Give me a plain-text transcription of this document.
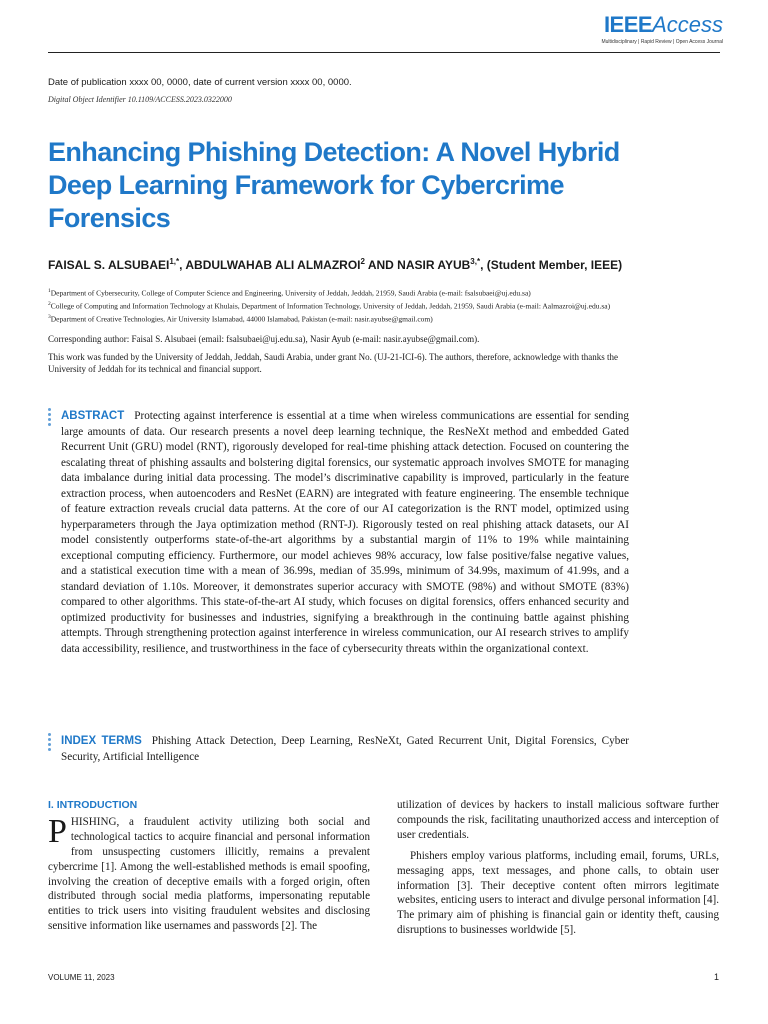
IEEEAccess
Multidisciplinary | Rapid Review | Open Access Journal
Date of publication xxxx 00, 0000, date of current version xxxx 00, 0000.
Digital Object Identifier 10.1109/ACCESS.2023.0322000
Enhancing Phishing Detection: A Novel Hybrid Deep Learning Framework for Cybercrime Forensics
FAISAL S. $ALSUBAEI^{1,*}$, ABDULWAHAB ALI ALMAZROI$^2$ AND NASIR $AYUB^{3,*}$, (Student Member, IEEE)
$^1$Department of Cybersecurity, College of Computer Science and Engineering, University of Jeddah, Jeddah, 21959, Saudi Arabia (e-mail: fsalsubaei@uj.edu.sa)
$^2$College of Computing and Information Technology at Khulais, Department of Information Technology, University of Jeddah, Jeddah, 21959, Saudi Arabia (e-mail: Aalmazroi@uj.edu.sa)
$^3$Department of Creative Technologies, Air University Islamabad, 44000 Islamabad, Pakistan (e-mail: nasir.ayubse@gmail.com)
Corresponding author: Faisal S. Alsubaei (email: fsalsubaei@uj.edu.sa), Nasir Ayub (e-mail: nasir.ayubse@gmail.com).
This work was funded by the University of Jeddah, Jeddah, Saudi Arabia, under grant No. (UJ-21-ICI-6). The authors, therefore, acknowledge with thanks the University of Jeddah for its technical and financial support.
ABSTRACT Protecting against interference is essential at a time when wireless communications are essential for sending large amounts of data. Our research presents a novel deep learning technique, the ResNeXt method and embedded Gated Recurrent Unit (GRU) model (RNT), rigorously developed for real-time phishing attack detection. Focused on countering the escalating threat of phishing assaults and bolstering digital forensics, our systematic approach involves SMOTE for managing data imbalance during initial data processing. The model’s discriminative capability is improved, particularly in the feature extraction process, when autoencoders and ResNet (EARN) are integrated with feature engineering. The ensemble technique of feature extraction reveals crucial data patterns. At the core of our AI categorization is the RNT model, optimized using hyperparameters through the Jaya optimization method (RNT-J). Rigorously tested on real phishing attack datasets, our AI model consistently outperforms state-of-the-art algorithms by a substantial margin of 11% to 19% while maintaining exceptional computing efficiency. Furthermore, our model achieves 98% accuracy, low false positive/false negative values, and a statistical execution time with a mean of 36.99s, median of 35.99s, minimum of 34.99s, maximum of 41.99s, and a standard deviation of 1.10s. Moreover, it demonstrates superior accuracy with SMOTE (98%) and without SMOTE (83%) compared to other algorithms. This state-of-the-art AI study, which focuses on digital forensics, offers enhanced security and optimized productivity for businesses and industries, signifying a breakthrough in the continuing battle against phishing attempts. Through strengthening protection against interference in wireless communication, our AI research strives to amplify data accessibility, resilience, and trustworthiness in the face of cybersecurity threats within the organizational context.
INDEX TERMS Phishing Attack Detection, Deep Learning, ResNeXt, Gated Recurrent Unit, Digital Forensics, Cyber Security, Artificial Intelligence
I. INTRODUCTION

PHISHING, a fraudulent activity utilizing both social and technological tactics to acquire financial and personal information from unsuspecting customers illicitly, remains a prevalent cybercrime [1]. Among the well-established methods is email spoofing, involving the creation of deceptive emails with a forged origin, often distributed through social media platforms, impersonating reputable entities to trick users into visiting fraudulent websites and disclosing sensitive information like usernames and passwords [2]. The

utilization of devices by hackers to install malicious software further compounds the risk, facilitating unauthorized access and interception of user credentials.

Phishers employ various platforms, including email, forums, URLs, messaging apps, text messages, and phone calls, to obtain user information [3]. Their deceptive content often mirrors legitimate websites, enticing users to interact and divulge personal information [4]. The primary aim of phishing is financial gain or identity theft, causing disruptions to businesses worldwide [5].

VOLUME 11, 2023	1
